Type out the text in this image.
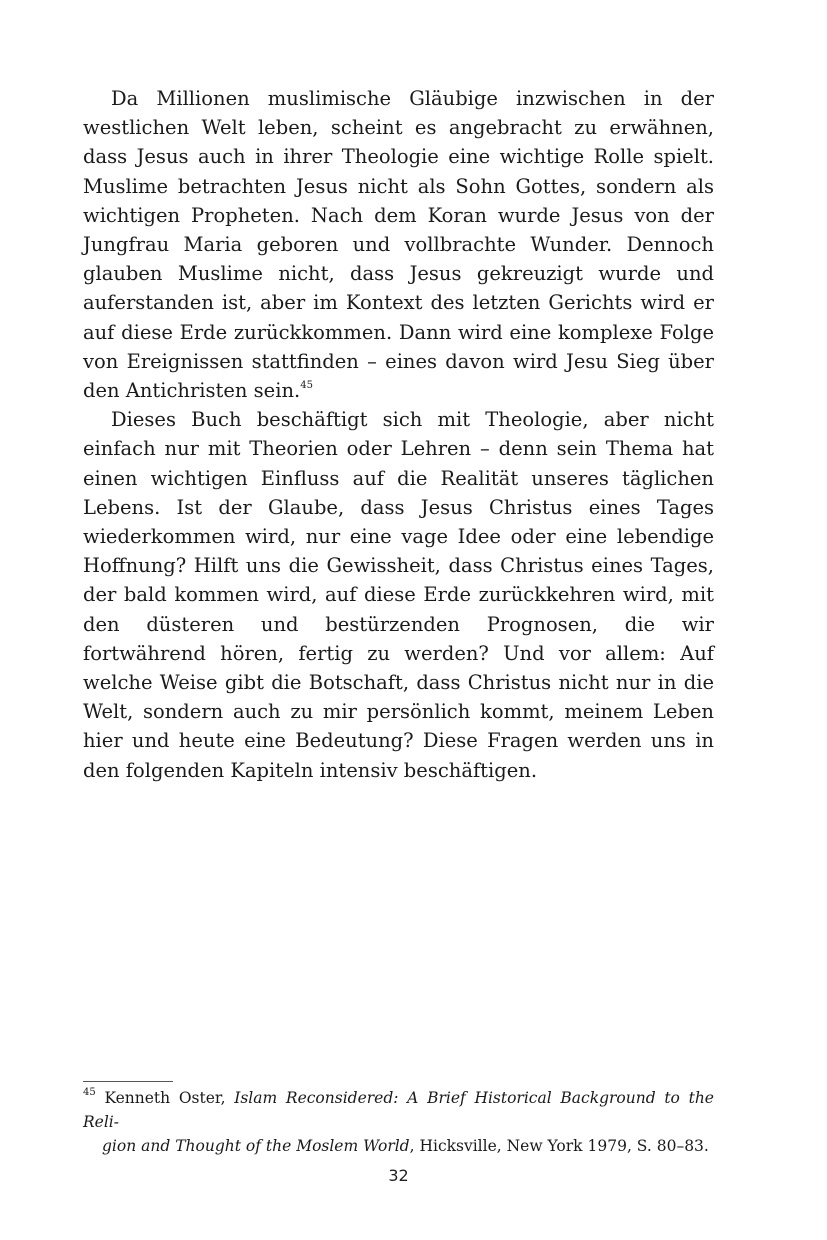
Da Millionen muslimische Gläubige inzwischen in der westlichen Welt leben, scheint es angebracht zu erwähnen, dass Jesus auch in ihrer Theologie eine wichtige Rolle spielt. Muslime betrachten Jesus nicht als Sohn Gottes, sondern als wichtigen Propheten. Nach dem Koran wurde Jesus von der Jungfrau Maria geboren und vollbrachte Wunder. Dennoch glauben Muslime nicht, dass Jesus gekreuzigt wurde und auferstanden ist, aber im Kontext des letzten Gerichts wird er auf diese Erde zurückkommen. Dann wird eine komplexe Folge von Ereignissen stattfinden – eines davon wird Jesu Sieg über den Antichristen sein.$^{45}$

Dieses Buch beschäftigt sich mit Theologie, aber nicht einfach nur mit Theorien oder Lehren – denn sein Thema hat einen wichtigen Einfluss auf die Realität unseres täglichen Lebens. Ist der Glaube, dass Jesus Christus eines Tages wiederkommen wird, nur eine vage Idee oder eine lebendige Hoffnung? Hilft uns die Gewissheit, dass Christus eines Tages, der bald kommen wird, auf diese Erde zurückkehren wird, mit den düsteren und bestürzenden Prognosen, die wir fortwährend hören, fertig zu werden? Und vor allem: Auf welche Weise gibt die Botschaft, dass Christus nicht nur in die Welt, sondern auch zu mir persönlich kommt, meinem Leben hier und heute eine Bedeutung? Diese Fragen werden uns in den folgenden Kapiteln intensiv beschäftigen.

$^{45}$ Kenneth Oster, Islam Reconsidered: A Brief Historical Background to the Reli-
gion and Thought of the Moslem World, Hicksville, New York 1979, S. 80–83.
32
